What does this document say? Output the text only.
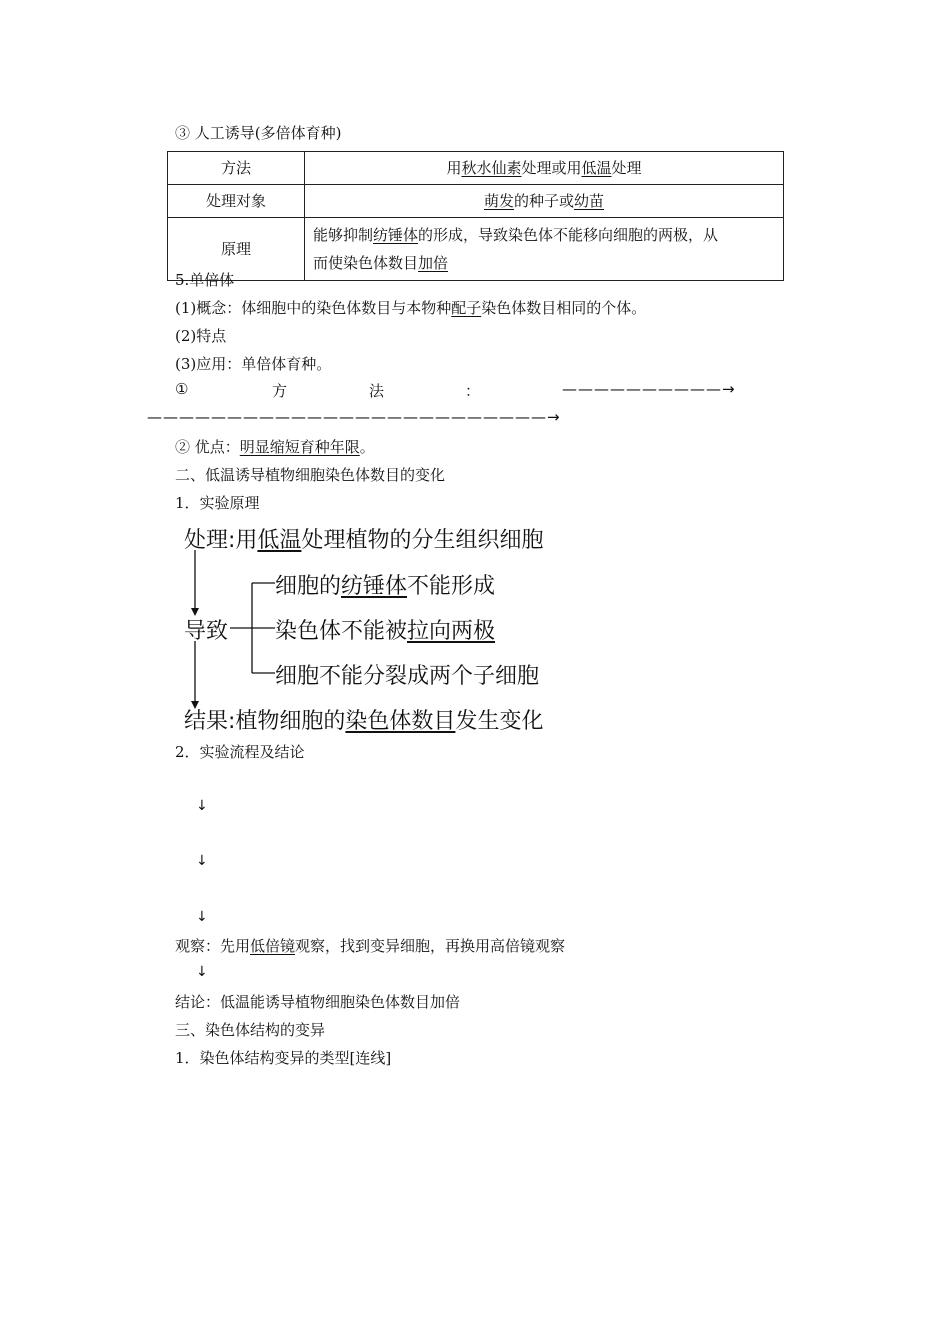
③ 人工诱导(多倍体育种)
方法	用秋水仙素处理或用低温处理
处理对象	萌发的种子或幼苗
原理	能够抑制纺锤体的形成，导致染色体不能移向细胞的两极，从
而使染色体数目加倍
5.单倍体
(1)概念：体细胞中的染色体数目与本物种配子染色体数目相同的个体。
(2)特点
(3)应用：单倍体育种。
①	方	法	：	——————————→
—————————————————————————→
② 优点：明显缩短育种年限。
二、低温诱导植物细胞染色体数目的变化
1．实验原理
处理:用低温处理植物的分生组织细胞
细胞的纺锤体不能形成
导致 染色体不能被拉向两极
细胞不能分裂成两个子细胞
结果:植物细胞的染色体数目发生变化
2．实验流程及结论
↓
↓
↓
观察：先用低倍镜观察，找到变异细胞，再换用高倍镜观察
↓
结论：低温能诱导植物细胞染色体数目加倍
三、染色体结构的变异
1．染色体结构变异的类型[连线]
